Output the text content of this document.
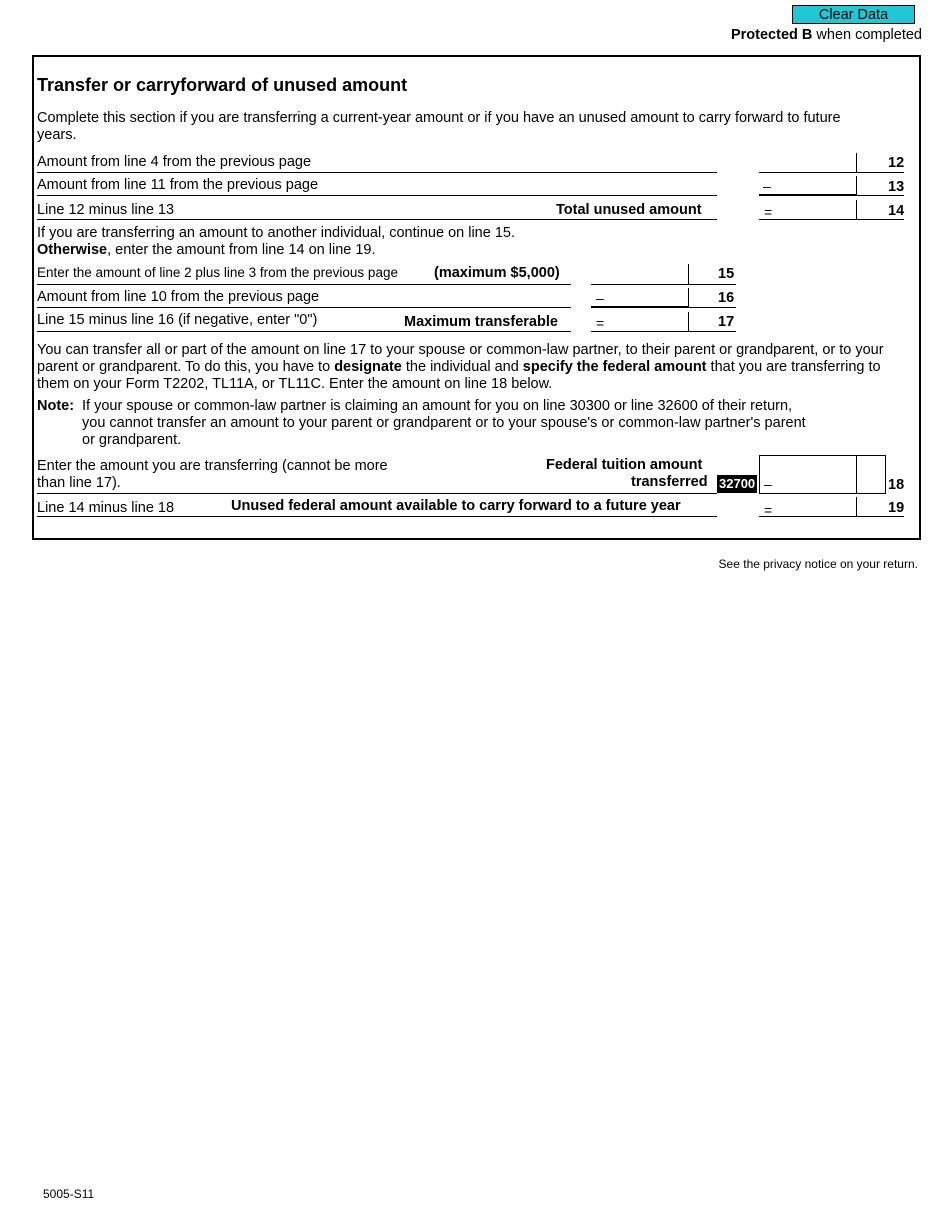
Clear Data
Protected B when completed
Transfer or carryforward of unused amount
Complete this section if you are transferring a current-year amount or if you have an unused amount to carry forward to future years.
Amount from line 4 from the previous page	12
Amount from line 11 from the previous page	–	13
Line 12 minus line 13	Total unused amount	=	14
If you are transferring an amount to another individual, continue on line 15.
Otherwise, enter the amount from line 14 on line 19.
Enter the amount of line 2 plus line 3 from the previous page (maximum $5,000)	15
Amount from line 10 from the previous page	–	16
Line 15 minus line 16 (if negative, enter "0")	Maximum transferable	=	17
You can transfer all or part of the amount on line 17 to your spouse or common-law partner, to their parent or grandparent, or to your parent or grandparent. To do this, you have to designate the individual and specify the federal amount that you are transferring to them on your Form T2202, TL11A, or TL11C. Enter the amount on line 18 below.
Note: If your spouse or common-law partner is claiming an amount for you on line 30300 or line 32600 of their return,
you cannot transfer an amount to your parent or grandparent or to your spouse's or common-law partner's parent
or grandparent.
Enter the amount you are transferring (cannot be more
than line 17).
Federal tuition amount
transferred 32700 –	18
Line 14 minus line 18	Unused federal amount available to carry forward to a future year	=	19
See the privacy notice on your return.
5005-S11
